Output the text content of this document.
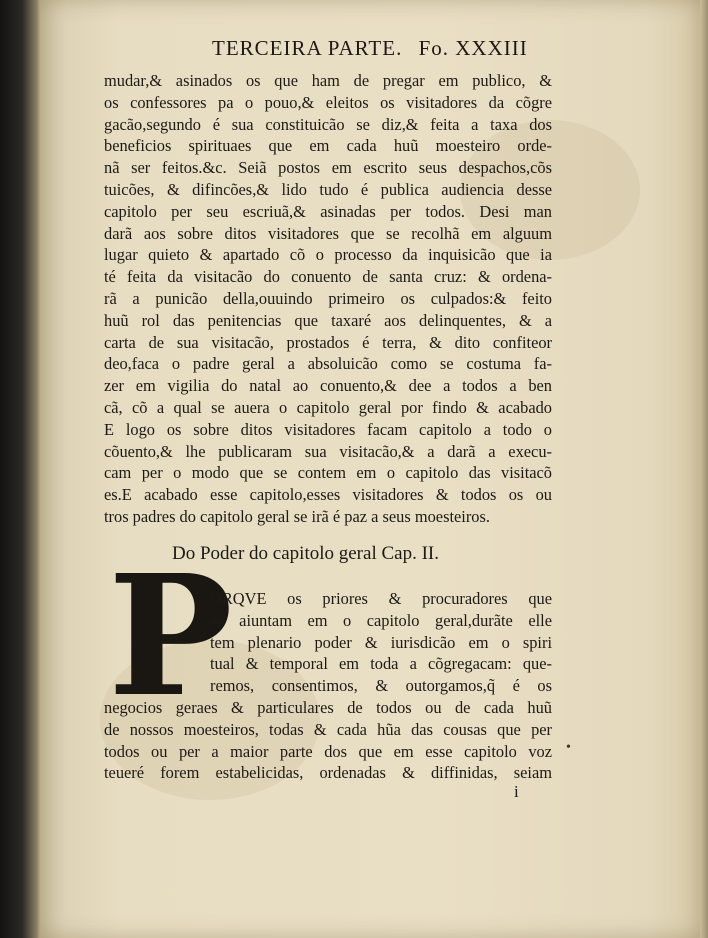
TERCEIRA PARTE. Fo. XXXIII
mudar,& asinados os que ham de pregar em publico, &
os confessores pa o pouo,& eleitos os visitadores da cõgre
gacão,segundo é sua constituicão se diz,& feita a taxa dos
beneficios spirituaes que em cada huũ moesteiro orde-
nã ser feitos.&c. Seiã postos em escrito seus despachos,cõs
tuicões, & difincões,& lido tudo é publica audiencia desse
capitolo per seu escriuã,& asinadas per todos. Desi man
darã aos sobre ditos visitadores que se recolhã em alguum
lugar quieto & apartado cõ o processo da inquisicão que ia
té feita da visitacão do conuento de santa cruz: & ordena-
rã a punicão della,ouuindo primeiro os culpados:& feito
huũ rol das penitencias que taxaré aos delinquentes, & a
carta de sua visitacão, prostados é terra, & dito confiteor
deo,faca o padre geral a absoluicão como se costuma fa-
zer em vigilia do natal ao conuento,& dee a todos a ben
cã, cõ a qual se auera o capitolo geral por findo & acabado
E logo os sobre ditos visitadores facam capitolo a todo o
cõuento,& lhe publicaram sua visitacão,& a darã a execu-
cam per o modo que se contem em o capitolo das visitacõ
es.E acabado esse capitolo,esses visitadores & todos os ou
tros padres do capitolo geral se irã é paz a seus moesteiros.
Do Poder do capitolo geral Cap. II.
P
ORQVE os priores & procuradores que
se aiuntam em o capitolo geral,durãte elle
tem plenario poder & iurisdicão em o spiri
tual & temporal em toda a cõgregacam: que-
remos, consentimos, & outorgamos,q̃ é os
negocios geraes & particulares de todos ou de cada huũ
de nossos moesteiros, todas & cada hũa das cousas que per
todos ou per a maior parte dos que em esse capitolo voz
teueré forem estabelicidas, ordenadas & diffinidas, seiam
•
i
